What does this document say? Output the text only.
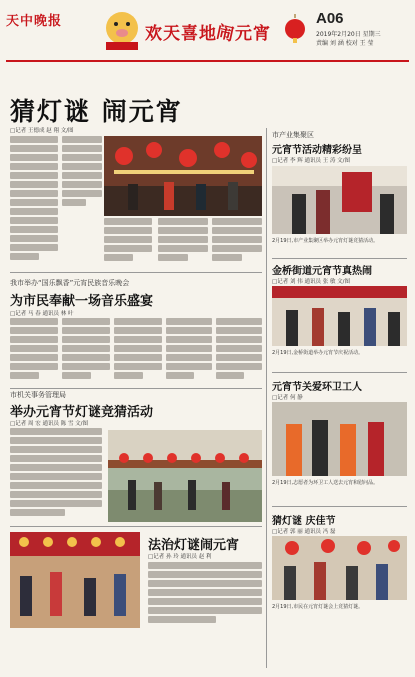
天中晚报
欢天喜地闹元宵
A06
2019年2月20日 星期三
责编 刘 涵 校对 王 莹
猜灯谜 闹元宵
□记者 王德成 赵 翔 文/图
我市举办“国乐飘香”元宵民族音乐晚会
为市民奉献一场音乐盛宴
□记者 马 春 通讯员 林 叶
市机关事务管理局
举办元宵节灯谜竞猜活动
□记者 周 宏 通讯员 陈 雪 文/图
法治灯谜闹元宵
□记者 孙 玲 通讯员 赵 利
市产业集聚区
元宵节活动精彩纷呈
□记者 李 辉 通讯员 王 涛 文/图
2月19日,市产业集聚区举办元宵灯谜竞猜活动。
金桥街道元宵节真热闹
□记者 刘 伟 通讯员 张 敏 文/图
2月19日,金桥街道举办元宵节庆祝活动。
元宵节关爱环卫工人
□记者 何 静
2月19日,志愿者为环卫工人送去元宵和慰问品。
猜灯谜 庆佳节
□记者 郭 丽 通讯员 冯 磊
2月19日,市民在元宵灯谜会上竞猜灯谜。
